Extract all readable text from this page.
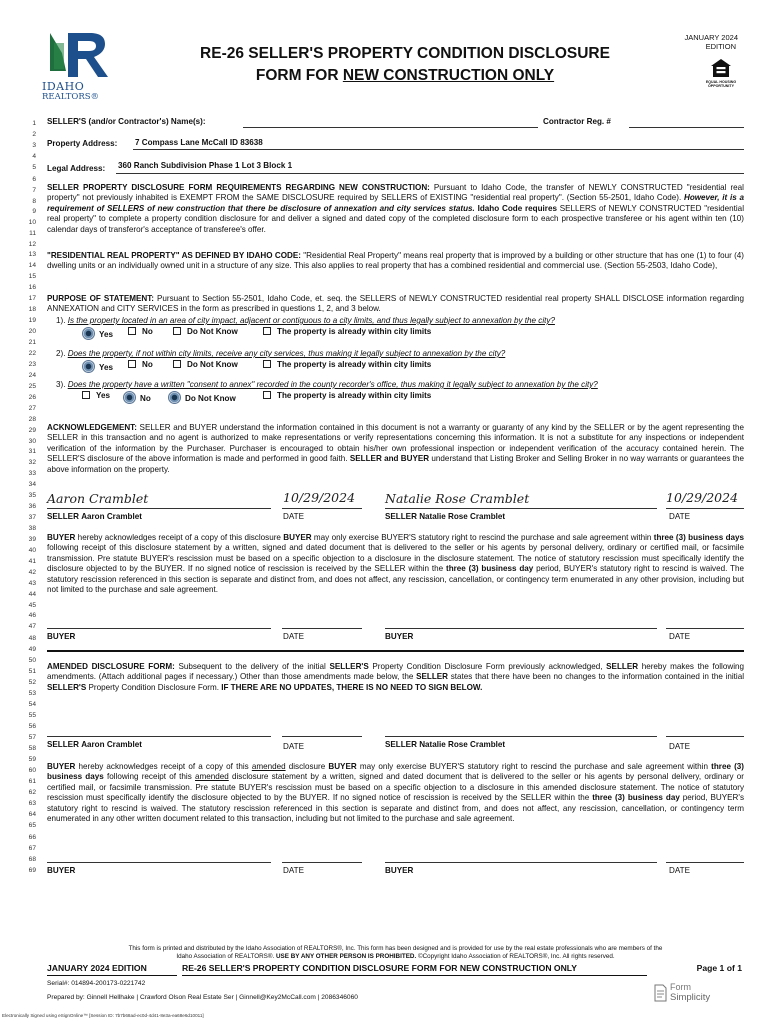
IDAHO
REALTORS®
JANUARY 2024
EDITION
EQUAL HOUSING OPPORTUNITY
RE-26 SELLER'S PROPERTY CONDITION DISCLOSURE
FORM FOR NEW CONSTRUCTION ONLY
1
2
3
4
5
6
7
8
9
10
11
12
13
14
15
16
17
18
19
20
21
22
23
24
25
26
27
28
29
30
31
32
33
34
35
36
37
38
39
40
41
42
43
44
45
46
47
48
49
50
51
52
53
54
55
56
57
58
59
60
61
62
63
64
65
66
67
68
69
SELLER'S (and/or Contractor's) Name(s):	Contractor Reg. #
Property Address: 7 Compass Lane McCall ID 83638
Legal Address: 360 Ranch Subdivision Phase 1 Lot 3 Block 1
SELLER PROPERTY DISCLOSURE FORM REQUIREMENTS REGARDING NEW CONSTRUCTION: Pursuant to Idaho Code, the transfer of NEWLY CONSTRUCTED "residential real property" not previously inhabited is EXEMPT FROM the SAME DISCLOSURE required by SELLERS of EXISTING "residential real property". (Section 55-2501, Idaho Code). However, it is a requirement of SELLERS of new construction that there be disclosure of annexation and city services status. Idaho Code requires SELLERS of NEWLY CONSTRUCTED "residential real property" to complete a property condition disclosure for and deliver a signed and dated copy of the completed disclosure form to each prospective transferee or his agent within ten (10) calendar days of transferor's acceptance of transferee's offer.
"RESIDENTIAL REAL PROPERTY" AS DEFINED BY IDAHO CODE: "Residential Real Property" means real property that is improved by a building or other structure that has one (1) to four (4) dwelling units or an individually owned unit in a structure of any size. This also applies to real property that has a combined residential and commercial use. (Section 55-2503, Idaho Code),
PURPOSE OF STATEMENT: Pursuant to Section 55-2501, Idaho Code, et. seq. the SELLERS of NEWLY CONSTRUCTED residential real property SHALL DISCLOSE information regarding ANNEXATION and CITY SERVICES in the form as prescribed in questions 1, 2, and 3 below.
1). Is the property located in an area of city impact, adjacent or contiguous to a city limits, and thus legally subject to annexation by the city?
Yes	No	Do Not Know	The property is already within city limits
2). Does the property, if not within city limits, receive any city services, thus making it legally subject to annexation by the city?
Yes	No	Do Not Know	The property is already within city limits
3). Does the property have a written "consent to annex" recorded in the county recorder's office, thus making it legally subject to annexation by the city?
Yes	No	Do Not Know	The property is already within city limits
ACKNOWLEDGEMENT: SELLER and BUYER understand the information contained in this document is not a warranty or guaranty of any kind by the SELLER or by the agent representing the SELLER in this transaction and no agent is authorized to make representations or verify representations concerning this information. It is not a substitute for any inspections or independent verification of the information by the Purchaser. Purchaser is encouraged to obtain his/her own professional inspection or independent verification of the accuracy contained herein. The SELLER'S disclosure of the above information is made and performed in good faith. SELLER and BUYER understand that Listing Broker and Selling Broker in no way warrants or guarantees the above information on the property.
Aaron Cramblet	10/29/2024 Natalie Rose Cramblet	10/29/2024
SELLER Aaron Cramblet	DATE	SELLER Natalie Rose Cramblet	DATE
BUYER hereby acknowledges receipt of a copy of this disclosure BUYER may only exercise BUYER'S statutory right to rescind the purchase and sale agreement within three (3) business days following receipt of this disclosure statement by a written, signed and dated document that is delivered to the seller or his agents by personal delivery, ordinary or certified mail, or facsimile transmission. Pre statute BUYER's rescission must be based on a specific objection to a disclosure in the disclosure statement. The notice of statutory rescission must specifically identify the disclosure objected to by the BUYER. If no signed notice of rescission is received by the SELLER within the three (3) business day period, BUYER's statutory right to rescind is waived. The statutory rescission referenced in this section is separate and distinct from, and does not affect, any rescission, cancellation, or contingency term enumerated in any other provision, including but not limited to the purchase and sale agreement.
BUYER	DATE	BUYER	DATE
AMENDED DISCLOSURE FORM: Subsequent to the delivery of the initial SELLER'S Property Condition Disclosure Form previously acknowledged, SELLER hereby makes the following amendments. (Attach additional pages if necessary.) Other than those amendments made below, the SELLER states that there have been no changes to the information contained in the initial SELLER'S Property Condition Disclosure Form. IF THERE ARE NO UPDATES, THERE IS NO NEED TO SIGN BELOW.
SELLER Aaron Cramblet	DATE	SELLER Natalie Rose Cramblet	DATE
BUYER hereby acknowledges receipt of a copy of this amended disclosure BUYER may only exercise BUYER'S statutory right to rescind the purchase and sale agreement within three (3) business days following receipt of this amended disclosure statement by a written, signed and dated document that is delivered to the seller or his agents by personal delivery, ordinary or certified mail, or facsimile transmission. Pre statute BUYER's rescission must be based on a specific objection to a disclosure in this amended disclosure statement. The notice of statutory rescission must specifically identify the disclosure objected to by the BUYER. If no signed notice of rescission is received by the SELLER within the three (3) business day period, BUYER's statutory right to rescind is waived. The statutory rescission referenced in this section is separate and distinct from, and does not affect, any rescission, cancellation, or contingency term enumerated in any other written document related to this transaction, including but not limited to the purchase and sale agreement.
BUYER	DATE	BUYER	DATE
This form is printed and distributed by the Idaho Association of REALTORS®, Inc. This form has been designed and is provided for use by the real estate professionals who are members of the
Idaho Association of REALTORS®. USE BY ANY OTHER PERSON IS PROHIBITED. ©Copyright Idaho Association of REALTORS®, Inc. All rights reserved.
JANUARY 2024 EDITION	RE-26 SELLER'S PROPERTY CONDITION DISCLOSURE FORM FOR NEW CONSTRUCTION ONLY	Page 1 of 1
Serial#: 014894-200173-0221742
Prepared by: Ginnell Hellhake | Crawford Olson Real Estate Ser | Ginnell@Key2McCall.com | 2086346060
Electronically Signed using eSignOnline™ [Session ID: 7b7b68ad-ec0d-4d41-8e3a-ea68e6d10011]
Form
Simplicity
